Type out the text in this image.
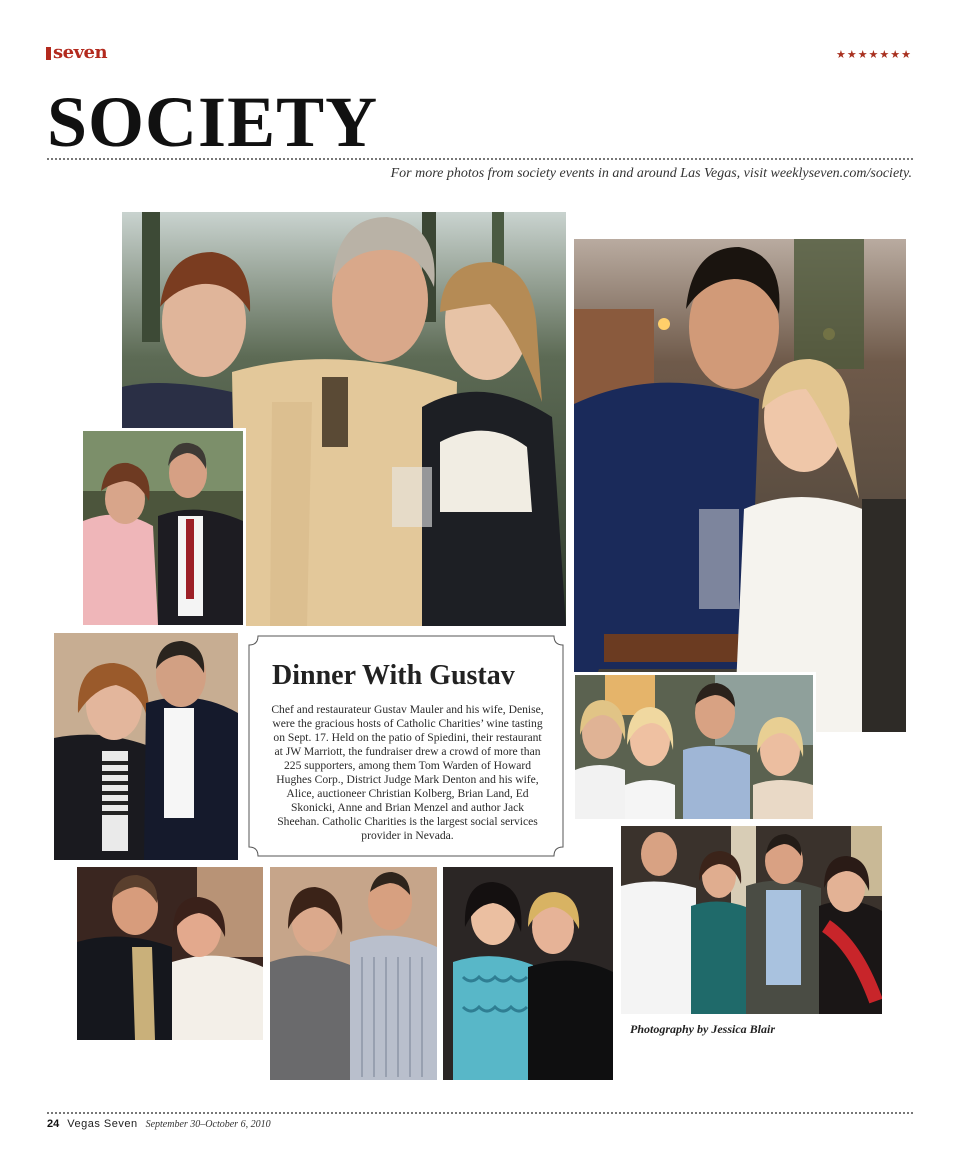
seven	★★★★★★★
SOCIETY
For more photos from society events in and around Las Vegas, visit weeklyseven.com/society.
Dinner With Gustav

Chef and restaurateur Gustav Mauler and his wife, Denise, were the gracious hosts of Catholic Charities’ wine tasting on Sept. 17. Held on the patio of Spiedini, their restaurant at JW Marriott, the fundraiser drew a crowd of more than 225 supporters, among them Tom Warden of Howard Hughes Corp., District Judge Mark Denton and his wife, Alice, auctioneer Christian Kolberg, Brian Land, Ed Skonicki, Anne and Brian Menzel and author Jack Sheehan. Catholic Charities is the largest social services provider in Nevada.

Photography by Jessica Blair
24 Vegas Seven September 30–October 6, 2010
